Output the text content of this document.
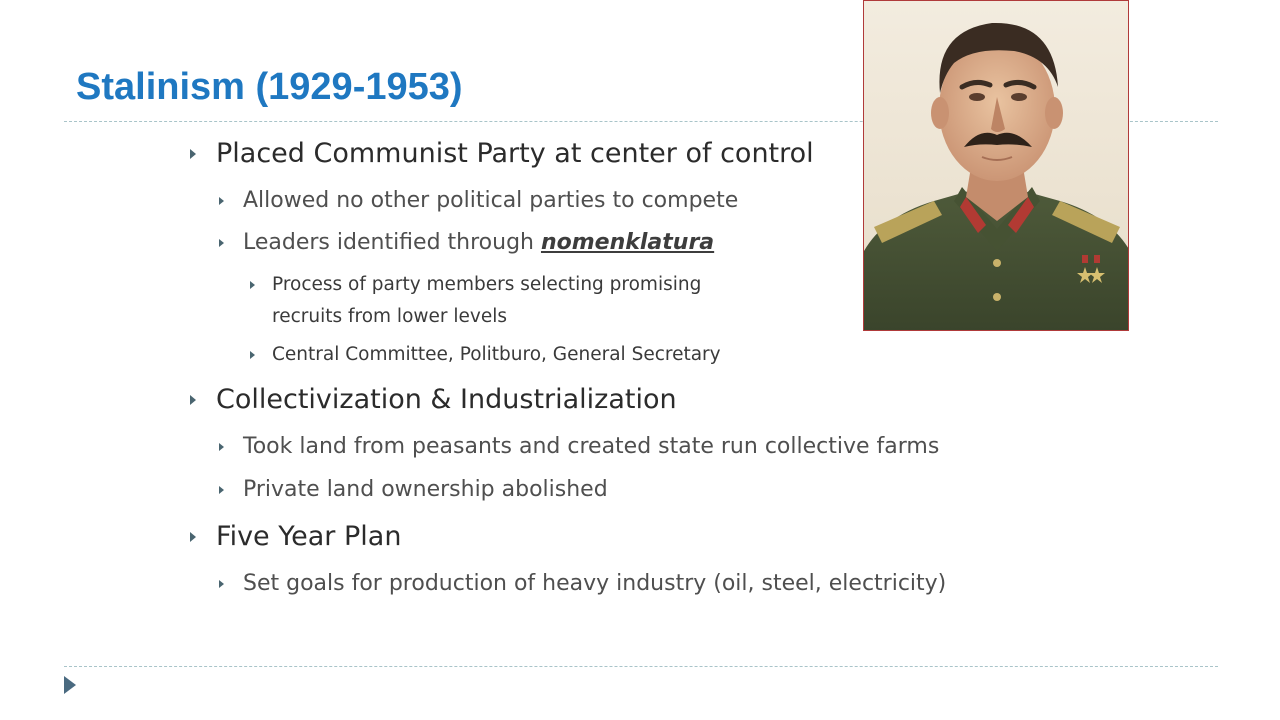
Stalinism (1929-1953)
Placed Communist Party at center of control
Allowed no other political parties to compete
Leaders identified through nomenklatura
Process of party members selecting promising
recruits from lower levels
Central Committee, Politburo, General Secretary
Collectivization & Industrialization
Took land from peasants and created state run collective farms
Private land ownership abolished
Five Year Plan
Set goals for production of heavy industry (oil, steel, electricity)
